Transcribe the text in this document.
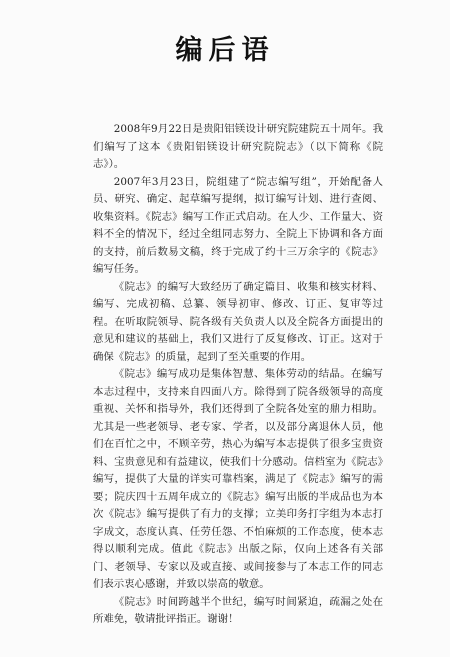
编后语

2008年9月22日是贵阳铝镁设计研究院建院五十周年。我们编写了这本《贵阳铝镁设计研究院院志》（以下简称《院志》）。

2007年3月23日，院组建了“院志编写组”，开始配备人员、研究、确定、起草编写提纲，拟订编写计划、进行查阅、收集资料。《院志》编写工作正式启动。在人少、工作量大、资料不全的情况下，经过全组同志努力、全院上下协调和各方面的支持，前后数易文稿，终于完成了约十三万余字的《院志》编写任务。

《院志》的编写大致经历了确定篇目、收集和核实材料、编写、完成初稿、总纂、领导初审、修改、订正、复审等过程。在听取院领导、院各级有关负责人以及全院各方面提出的意见和建议的基础上，我们又进行了反复修改、订正。这对于确保《院志》的质量，起到了至关重要的作用。

《院志》编写成功是集体智慧、集体劳动的结晶。在编写本志过程中，支持来自四面八方。除得到了院各级领导的高度重视、关怀和指导外，我们还得到了全院各处室的鼎力相助。尤其是一些老领导、老专家、学者，以及部分离退休人员，他们在百忙之中，不顾辛劳，热心为编写本志提供了很多宝贵资料、宝贵意见和有益建议，使我们十分感动。信档室为《院志》编写，提供了大量的详实可靠档案，满足了《院志》编写的需要；院庆四十五周年成立的《院志》编写出版的半成品也为本次《院志》编写提供了有力的支撑；立美印务打字组为本志打字成文，态度认真、任劳任怨、不怕麻烦的工作态度，使本志得以顺利完成。值此《院志》出版之际，仅向上述各有关部门、老领导、专家以及或直接、或间接参与了本志工作的同志们表示衷心感谢，并致以崇高的敬意。

《院志》时间跨越半个世纪，编写时间紧迫，疏漏之处在所难免，敬请批评指正。谢谢！
